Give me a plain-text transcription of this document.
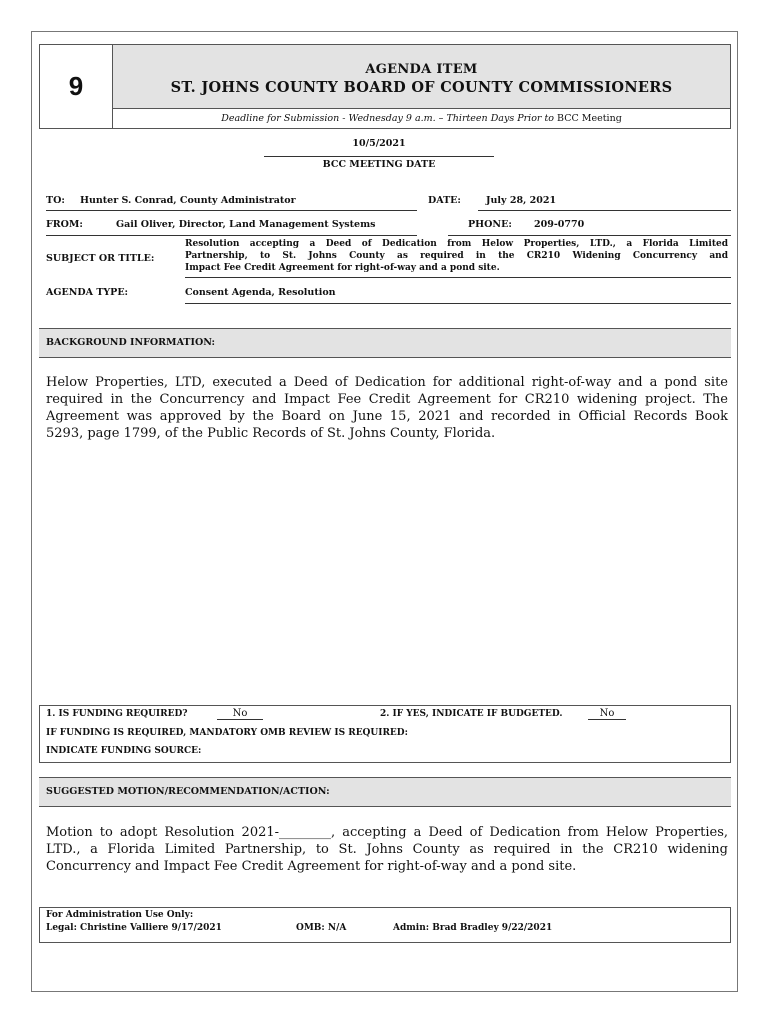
9
AGENDA ITEM
ST. JOHNS COUNTY BOARD OF COUNTY COMMISSIONERS
Deadline for Submission - Wednesday 9 a.m. – Thirteen Days Prior to BCC Meeting
10/5/2021
BCC MEETING DATE
TO: Hunter S. Conrad, County Administrator	DATE:	July 28, 2021
FROM:	Gail Oliver, Director, Land Management Systems	PHONE: 209-0770
SUBJECT OR TITLE:
Resolution accepting a Deed of Dedication from Helow Properties, LTD., a Florida Limited
Partnership, to St. Johns County as required in the CR210 Widening Concurrency and
Impact Fee Credit Agreement for right-of-way and a pond site.
AGENDA TYPE:	Consent Agenda, Resolution
BACKGROUND INFORMATION:
Helow Properties, LTD, executed a Deed of Dedication for additional right-of-way and a pond site
required in the Concurrency and Impact Fee Credit Agreement for CR210 widening project. The
Agreement was approved by the Board on June 15, 2021 and recorded in Official Records Book
5293, page 1799, of the Public Records of St. Johns County, Florida.
1. IS FUNDING REQUIRED?	No	2. IF YES, INDICATE IF BUDGETED.	No
IF FUNDING IS REQUIRED, MANDATORY OMB REVIEW IS REQUIRED:
INDICATE FUNDING SOURCE:
SUGGESTED MOTION/RECOMMENDATION/ACTION:
Motion to adopt Resolution 2021-________, accepting a Deed of Dedication from Helow Properties,
LTD., a Florida Limited Partnership, to St. Johns County as required in the CR210 widening
Concurrency and Impact Fee Credit Agreement for right-of-way and a pond site.
For Administration Use Only:
Legal: Christine Valliere 9/17/2021	OMB: N/A	Admin: Brad Bradley 9/22/2021
